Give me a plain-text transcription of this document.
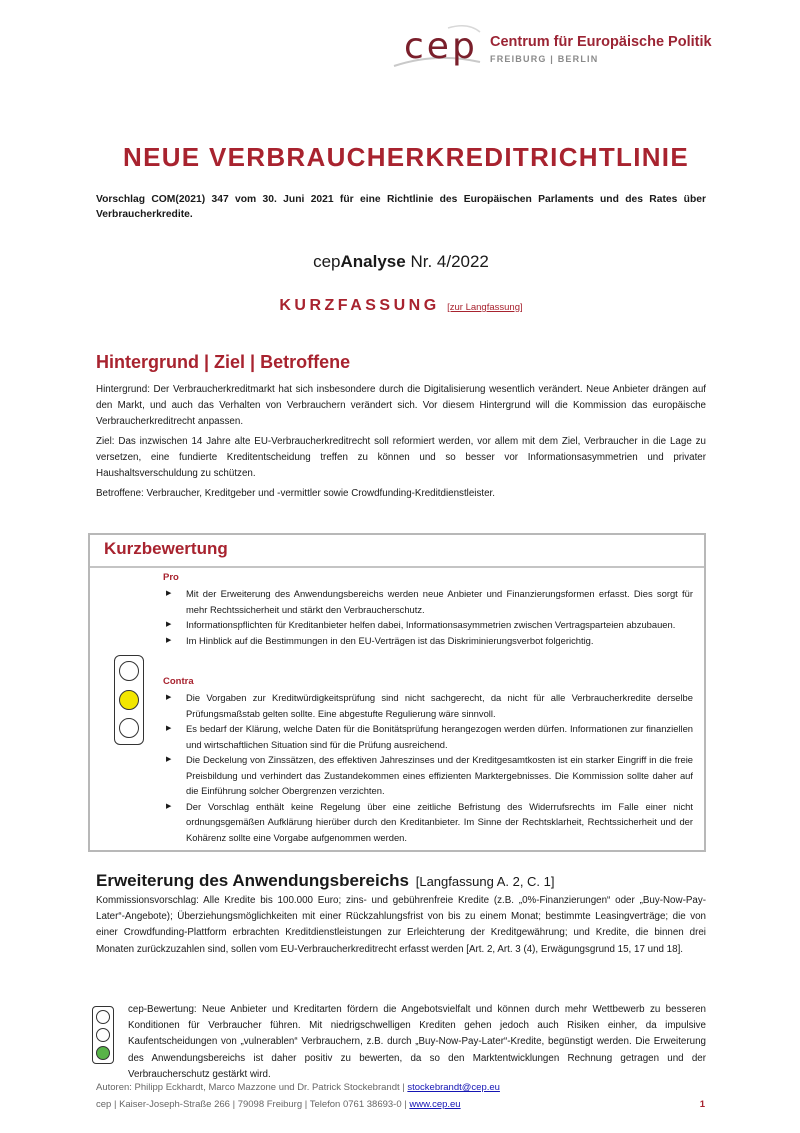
cep Centrum für Europäische Politik
FREIBURG | BERLIN
NEUE VERBRAUCHERKREDITRICHTLINIE

Vorschlag COM(2021) 347 vom 30. Juni 2021 für eine Richtlinie des Europäischen Parlaments und des Rates über Verbraucherkredite.

cepAnalyse Nr. 4/2022
KURZFASSUNG [zur Langfassung]
Hintergrund | Ziel | Betroffene

Hintergrund: Der Verbraucherkreditmarkt hat sich insbesondere durch die Digitalisierung wesentlich verändert. Neue Anbieter drängen auf den Markt, und auch das Verhalten von Verbrauchern verändert sich. Vor diesem Hintergrund will die Kommission das europäische Verbraucherkreditrecht anpassen.

Ziel: Das inzwischen 14 Jahre alte EU-Verbraucherkreditrecht soll reformiert werden, vor allem mit dem Ziel, Verbraucher in die Lage zu versetzen, eine fundierte Kreditentscheidung treffen zu können und so besser vor Informationsasymmetrien und privater Haushaltsverschuldung zu schützen.

Betroffene: Verbraucher, Kreditgeber und -vermittler sowie Crowdfunding-Kreditdienstleister.

Kurzbewertung
Pro
▶ Mit der Erweiterung des Anwendungsbereichs werden neue Anbieter und Finanzierungsformen erfasst. Dies sorgt für mehr Rechtssicherheit und stärkt den Verbraucherschutz.
▶ Informationspflichten für Kreditanbieter helfen dabei, Informationsasymmetrien zwischen Vertragsparteien abzubauen.
▶ Im Hinblick auf die Bestimmungen in den EU-Verträgen ist das Diskriminierungsverbot folgerichtig.
Contra
▶ Die Vorgaben zur Kreditwürdigkeitsprüfung sind nicht sachgerecht, da nicht für alle Verbraucherkredite derselbe Prüfungsmaßstab gelten sollte. Eine abgestufte Regulierung wäre sinnvoll.
▶ Es bedarf der Klärung, welche Daten für die Bonitätsprüfung herangezogen werden dürfen. Informationen zur finanziellen und wirtschaftlichen Situation sind für die Prüfung ausreichend.
▶ Die Deckelung von Zinssätzen, des effektiven Jahreszinses und der Kreditgesamtkosten ist ein starker Eingriff in die freie Preisbildung und verhindert das Zustandekommen eines effizienten Marktergebnisses. Die Kommission sollte daher auf die Einführung solcher Obergrenzen verzichten.
▶ Der Vorschlag enthält keine Regelung über eine zeitliche Befristung des Widerrufsrechts im Falle einer nicht ordnungsgemäßen Aufklärung hierüber durch den Kreditanbieter. Im Sinne der Rechtsklarheit, Rechtssicherheit und der Kohärenz sollte eine Vorgabe aufgenommen werden.
Erweiterung des Anwendungsbereichs [Langfassung A. 2, C. 1]

Kommissionsvorschlag: Alle Kredite bis 100.000 Euro; zins- und gebührenfreie Kredite (z.B. „0%-Finanzierungen“ oder „Buy-Now-Pay-Later“-Angebote); Überziehungsmöglichkeiten mit einer Rückzahlungsfrist von bis zu einem Monat; bestimmte Leasingverträge; die von einer Crowdfunding-Plattform erbrachten Kreditdienstleistungen zur Erleichterung der Kreditgewährung; und Kredite, die binnen drei Monaten zurückzuzahlen sind, sollen vom EU-Verbraucherkreditrecht erfasst werden [Art. 2, Art. 3 (4), Erwägungsgrund 15, 17 und 18].

cep-Bewertung: Neue Anbieter und Kreditarten fördern die Angebotsvielfalt und können durch mehr Wettbewerb zu besseren Konditionen für Verbraucher führen. Mit niedrigschwelligen Krediten gehen jedoch auch Risiken einher, da impulsive Kaufentscheidungen von „vulnerablen“ Verbrauchern, z.B. durch „Buy-Now-Pay-Later“-Kredite, begünstigt werden. Die Erweiterung des Anwendungsbereichs ist daher positiv zu bewerten, da so den Marktentwicklungen Rechnung getragen und der Verbraucherschutz gestärkt wird.

Autoren: Philipp Eckhardt, Marco Mazzone und Dr. Patrick Stockebrandt | stockebrandt@cep.eu
cep | Kaiser-Joseph-Straße 266 | 79098 Freiburg | Telefon 0761 38693-0 | www.cep.eu	1
